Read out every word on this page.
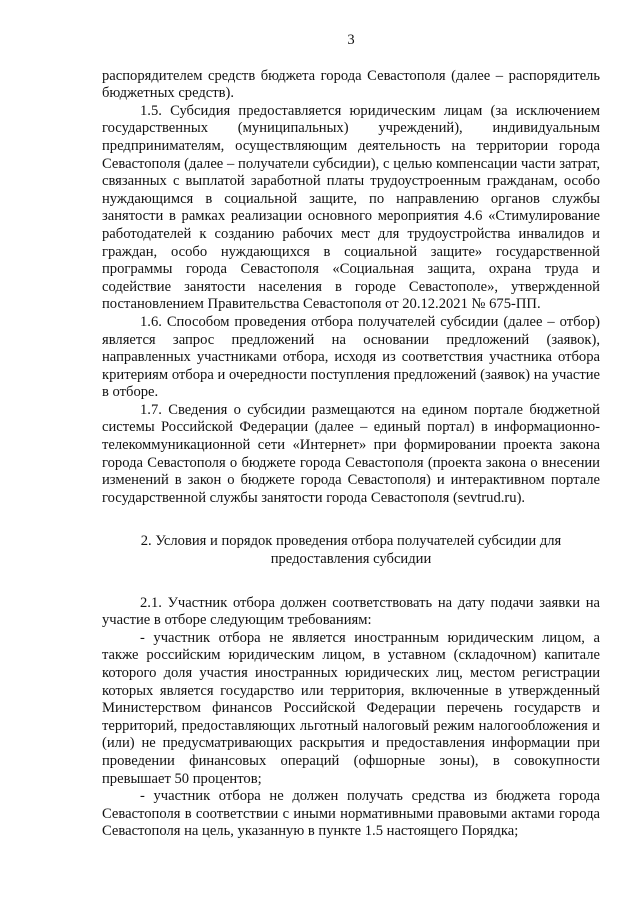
3

распорядителем средств бюджета города Севастополя (далее – распорядитель бюджетных средств).

1.5. Субсидия предоставляется юридическим лицам (за исключением государственных (муниципальных) учреждений), индивидуальным предпринимателям, осуществляющим деятельность на территории города Севастополя (далее – получатели субсидии), с целью компенсации части затрат, связанных с выплатой заработной платы трудоустроенным гражданам, особо нуждающимся в социальной защите, по направлению органов службы занятости в рамках реализации основного мероприятия 4.6 «Стимулирование работодателей к созданию рабочих мест для трудоустройства инвалидов и граждан, особо нуждающихся в социальной защите» государственной программы города Севастополя «Социальная защита, охрана труда и содействие занятости населения в городе Севастополе», утвержденной постановлением Правительства Севастополя от 20.12.2021 № 675-ПП.

1.6. Способом проведения отбора получателей субсидии (далее – отбор) является запрос предложений на основании предложений (заявок), направленных участниками отбора, исходя из соответствия участника отбора критериям отбора и очередности поступления предложений (заявок) на участие в отборе.

1.7. Сведения о субсидии размещаются на едином портале бюджетной системы Российской Федерации (далее – единый портал) в информационно-телекоммуникационной сети «Интернет» при формировании проекта закона города Севастополя о бюджете города Севастополя (проекта закона о внесении изменений в закон о бюджете города Севастополя) и интерактивном портале государственной службы занятости города Севастополя (sevtrud.ru).

2. Условия и порядок проведения отбора получателей субсидии для предоставления субсидии

2.1. Участник отбора должен соответствовать на дату подачи заявки на участие в отборе следующим требованиям:

- участник отбора не является иностранным юридическим лицом, а также российским юридическим лицом, в уставном (складочном) капитале которого доля участия иностранных юридических лиц, местом регистрации которых является государство или территория, включенные в утвержденный Министерством финансов Российской Федерации перечень государств и территорий, предоставляющих льготный налоговый режим налогообложения и (или) не предусматривающих раскрытия и предоставления информации при проведении финансовых операций (офшорные зоны), в совокупности превышает 50 процентов;

- участник отбора не должен получать средства из бюджета города Севастополя в соответствии с иными нормативными правовыми актами города Севастополя на цель, указанную в пункте 1.5 настоящего Порядка;
